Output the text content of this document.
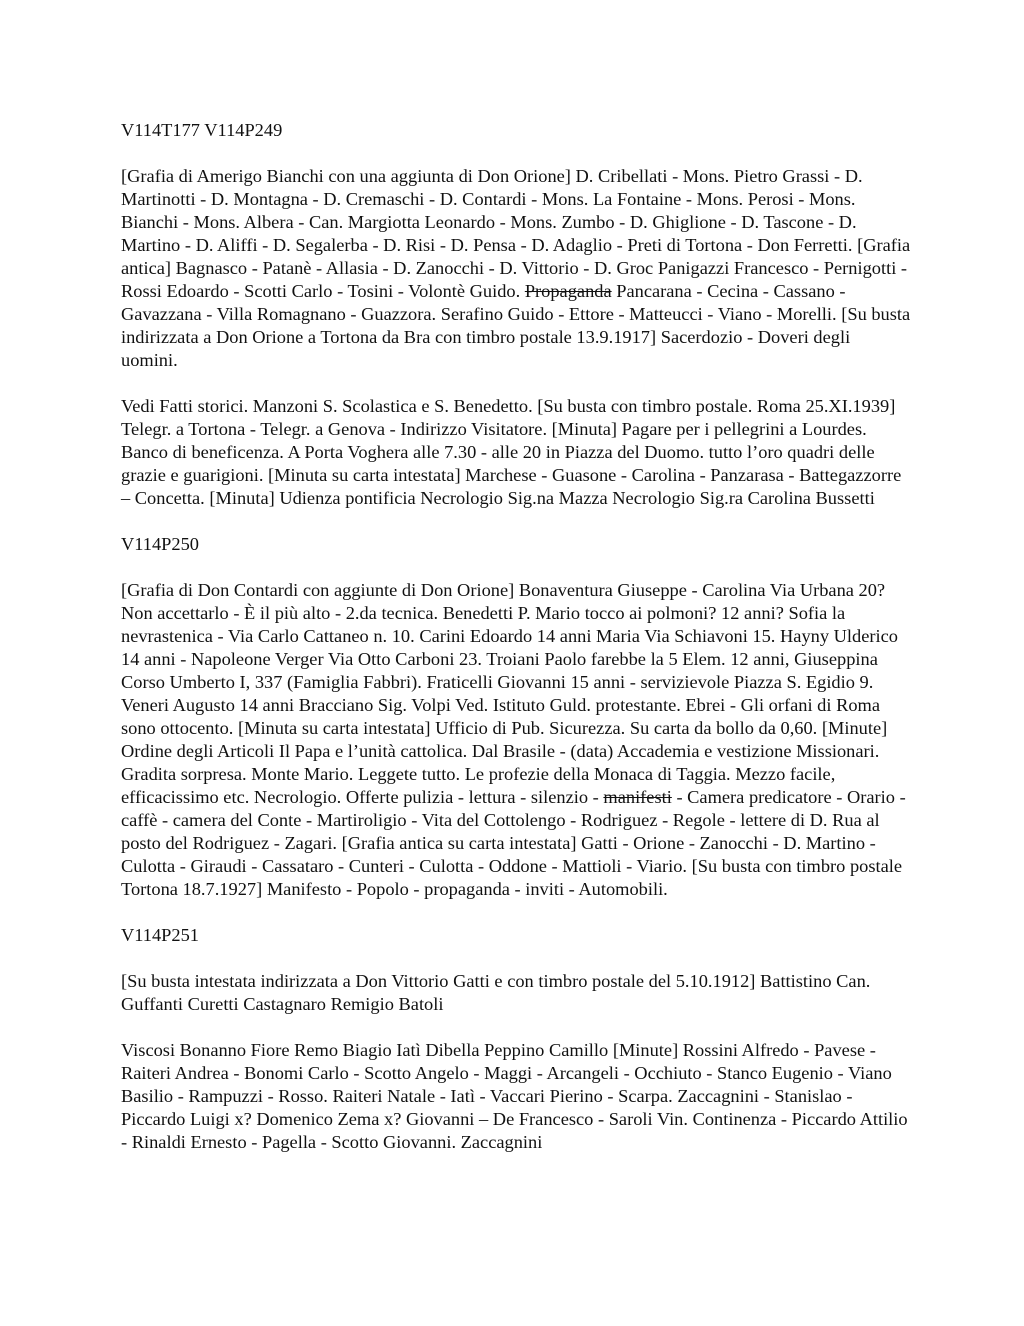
V114T177 V114P249

[Grafia di Amerigo Bianchi con una aggiunta di Don Orione] D. Cribellati - Mons. Pietro Grassi - D. Martinotti - D. Montagna - D. Cremaschi - D. Contardi - Mons. La Fontaine - Mons. Perosi - Mons. Bianchi - Mons. Albera - Can. Margiotta Leonardo - Mons. Zumbo - D. Ghiglione - D. Tascone - D. Martino - D. Aliffi - D. Segalerba - D. Risi - D. Pensa - D. Adaglio - Preti di Tortona - Don Ferretti. [Grafia antica] Bagnasco - Patanè - Allasia - D. Zanocchi - D. Vittorio - D. Groc Panigazzi Francesco - Pernigotti - Rossi Edoardo - Scotti Carlo - Tosini - Volontè Guido. Propaganda Pancarana - Cecina - Cassano - Gavazzana - Villa Romagnano - Guazzora. Serafino Guido - Ettore - Matteucci - Viano - Morelli. [Su busta indirizzata a Don Orione a Tortona da Bra con timbro postale 13.9.1917] Sacerdozio - Doveri degli uomini.

Vedi Fatti storici. Manzoni S. Scolastica e S. Benedetto. [Su busta con timbro postale. Roma 25.XI.1939] Telegr. a Tortona - Telegr. a Genova - Indirizzo Visitatore. [Minuta] Pagare per i pellegrini a Lourdes. Banco di beneficenza. A Porta Voghera alle 7.30 - alle 20 in Piazza del Duomo. tutto l’oro quadri delle grazie e guarigioni. [Minuta su carta intestata] Marchese - Guasone - Carolina - Panzarasa - Battegazzorre – Concetta. [Minuta] Udienza pontificia Necrologio Sig.na Mazza Necrologio Sig.ra Carolina Bussetti

V114P250

[Grafia di Don Contardi con aggiunte di Don Orione] Bonaventura Giuseppe - Carolina Via Urbana 20? Non accettarlo - È il più alto - 2.da tecnica. Benedetti P. Mario tocco ai polmoni? 12 anni? Sofia la nevrastenica - Via Carlo Cattaneo n. 10. Carini Edoardo 14 anni Maria Via Schiavoni 15. Hayny Ulderico 14 anni - Napoleone Verger Via Otto Carboni 23. Troiani Paolo farebbe la 5 Elem. 12 anni, Giuseppina Corso Umberto I, 337 (Famiglia Fabbri). Fraticelli Giovanni 15 anni - servizievole Piazza S. Egidio 9. Veneri Augusto 14 anni Bracciano Sig. Volpi Ved. Istituto Guld. protestante. Ebrei - Gli orfani di Roma sono ottocento. [Minuta su carta intestata] Ufficio di Pub. Sicurezza. Su carta da bollo da 0,60. [Minute] Ordine degli Articoli Il Papa e l’unità cattolica. Dal Brasile - (data) Accademia e vestizione Missionari. Gradita sorpresa. Monte Mario. Leggete tutto. Le profezie della Monaca di Taggia. Mezzo facile, efficacissimo etc. Necrologio. Offerte pulizia - lettura - silenzio - manifesti - Camera predicatore - Orario - caffè - camera del Conte - Martiroligio - Vita del Cottolengo - Rodriguez - Regole - lettere di D. Rua al posto del Rodriguez - Zagari. [Grafia antica su carta intestata] Gatti - Orione - Zanocchi - D. Martino - Culotta - Giraudi - Cassataro - Cunteri - Culotta - Oddone - Mattioli - Viario. [Su busta con timbro postale Tortona 18.7.1927] Manifesto - Popolo - propaganda - inviti - Automobili.

V114P251

[Su busta intestata indirizzata a Don Vittorio Gatti e con timbro postale del 5.10.1912] Battistino Can. Guffanti Curetti Castagnaro Remigio Batoli

Viscosi Bonanno Fiore Remo Biagio Iatì Dibella Peppino Camillo [Minute] Rossini Alfredo - Pavese - Raiteri Andrea - Bonomi Carlo - Scotto Angelo - Maggi - Arcangeli - Occhiuto - Stanco Eugenio - Viano Basilio - Rampuzzi - Rosso. Raiteri Natale - Iatì - Vaccari Pierino - Scarpa. Zaccagnini - Stanislao - Piccardo Luigi x? Domenico Zema x? Giovanni – De Francesco - Saroli Vin. Continenza - Piccardo Attilio - Rinaldi Ernesto - Pagella - Scotto Giovanni. Zaccagnini
